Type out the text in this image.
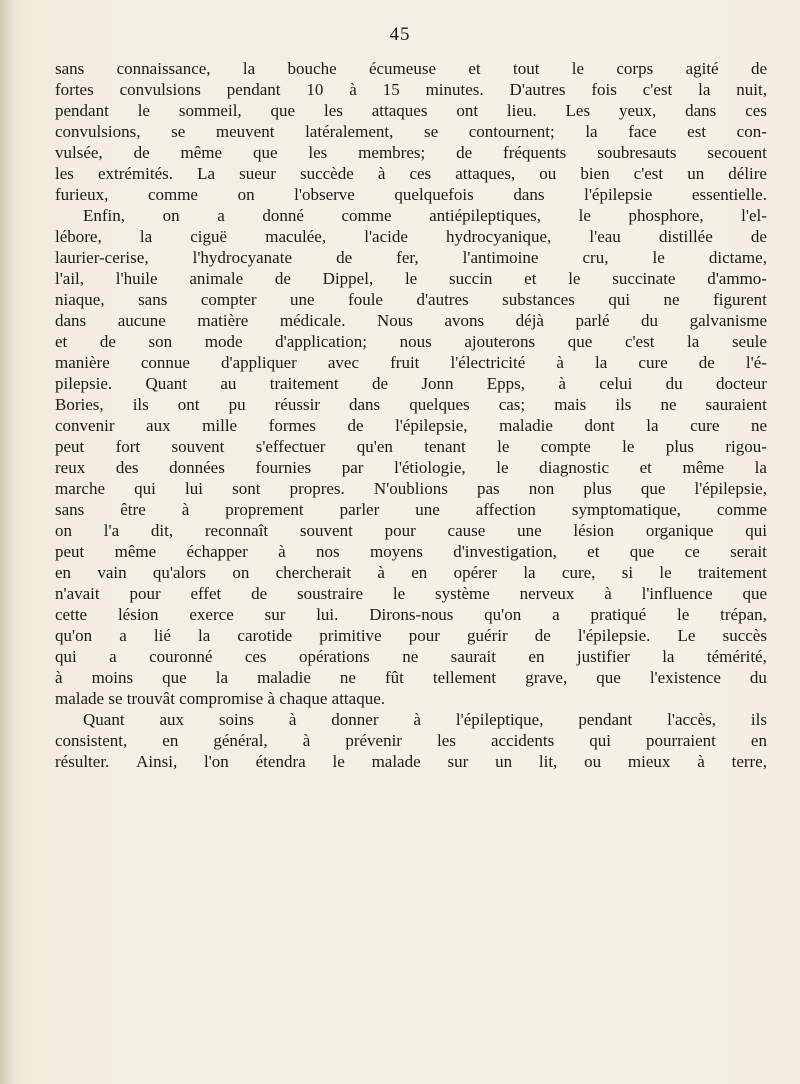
45
sans connaissance, la bouche écumeuse et tout le corps agité de
fortes convulsions pendant 10 à 15 minutes. D'autres fois c'est la nuit,
pendant le sommeil, que les attaques ont lieu. Les yeux, dans ces
convulsions, se meuvent latéralement, se contournent; la face est con-
vulsée, de même que les membres; de fréquents soubresauts secouent
les extrémités. La sueur succède à ces attaques, ou bien c'est un délire
furieux, comme on l'observe quelquefois dans l'épilepsie essentielle.
Enfin, on a donné comme antiépileptiques, le phosphore, l'el-
lébore, la ciguë maculée, l'acide hydrocyanique, l'eau distillée de
laurier-cerise,	l'hydrocyanate	de	fer,	l'antimoine	cru,	le	dictame,
l'ail, l'huile animale de Dippel, le succin et le succinate d'ammo-
niaque, sans compter une foule d'autres substances qui ne figurent
dans aucune matière médicale. Nous avons déjà parlé du galvanisme
et de son mode d'application; nous ajouterons que c'est la seule
manière connue d'appliquer avec fruit l'électricité à la cure de l'é-
pilepsie. Quant au traitement de Jonn Epps, à celui du docteur
Bories, ils ont pu réussir dans quelques cas; mais ils ne sauraient
convenir aux mille formes de l'épilepsie, maladie dont la cure ne
peut fort souvent s'effectuer qu'en tenant le compte le plus rigou-
reux des données fournies par l'étiologie, le diagnostic et même la
marche qui lui sont propres. N'oublions pas non plus que l'épilepsie,
sans être à proprement parler une affection symptomatique, comme
on l'a dit, reconnaît souvent pour cause une lésion organique qui
peut même échapper à nos moyens d'investigation, et que ce serait
en vain qu'alors on chercherait à en opérer la cure, si le traitement
n'avait pour effet de soustraire le système nerveux à l'influence que
cette lésion exerce sur lui. Dirons-nous qu'on a pratiqué le trépan,
qu'on a lié la carotide primitive pour guérir de l'épilepsie. Le succès
qui a couronné ces opérations ne saurait en justifier la témérité,
à moins que la maladie ne fût tellement grave, que l'existence du
malade se trouvât compromise à chaque attaque.
Quant aux soins à donner à l'épileptique, pendant l'accès, ils
consistent, en général, à prévenir les accidents qui pourraient en
résulter. Ainsi, l'on étendra le malade sur un lit, ou mieux à terre,
